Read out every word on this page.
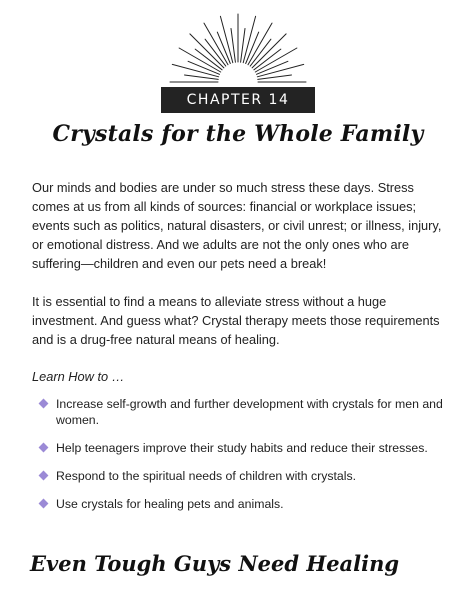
CHAPTER 14
Crystals for the Whole Family

Our minds and bodies are under so much stress these days. Stress comes at us from all kinds of sources: financial or workplace issues; events such as politics, natural disasters, or civil unrest; or illness, injury, or emotional distress. And we adults are not the only ones who are suffering—children and even our pets need a break!

It is essential to find a means to alleviate stress without a huge investment. And guess what? Crystal therapy meets those requirements and is a drug-free natural means of healing.

Learn How to …
Increase self-growth and further development with crystals for men and women.
Help teenagers improve their study habits and reduce their stresses.
Respond to the spiritual needs of children with crystals.
Use crystals for healing pets and animals.
Even Tough Guys Need Healing
